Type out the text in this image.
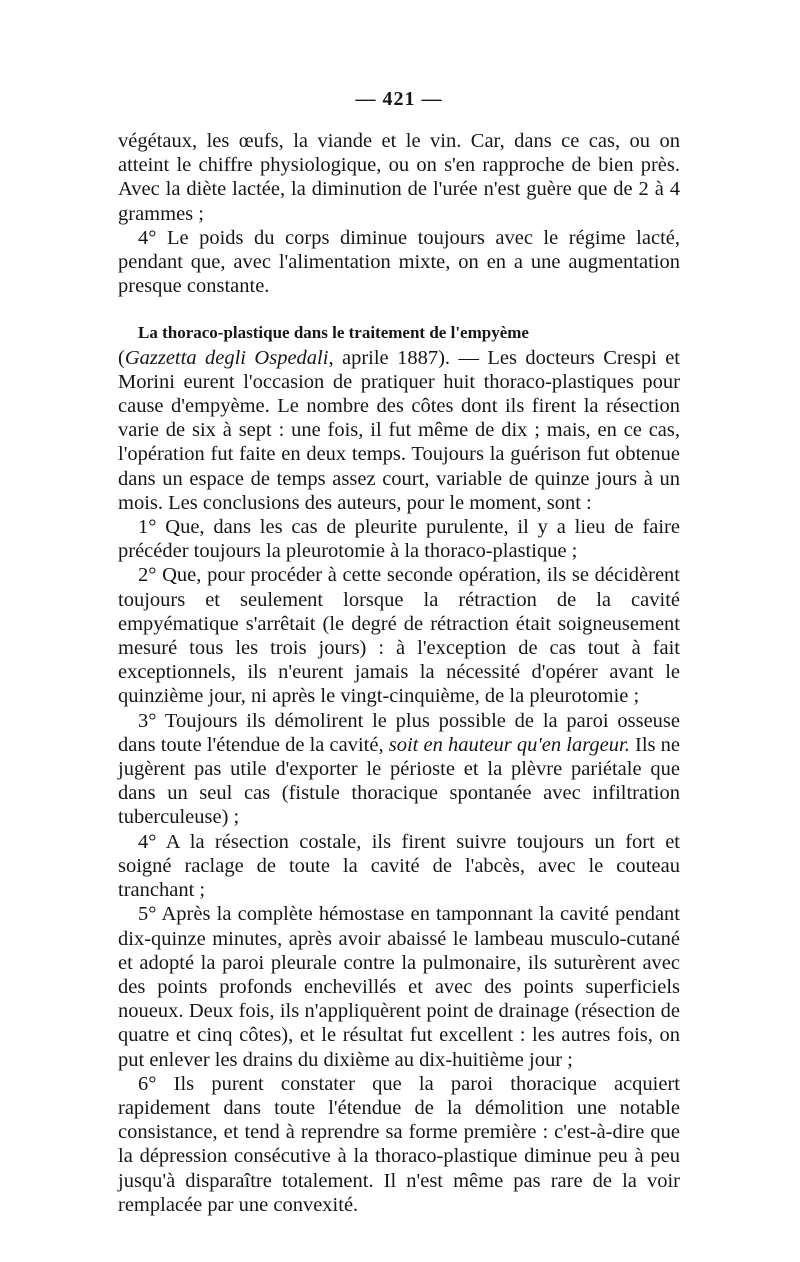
— 421 —

végétaux, les œufs, la viande et le vin. Car, dans ce cas, ou on atteint le chiffre physiologique, ou on s'en rapproche de bien près. Avec la diète lactée, la diminution de l'urée n'est guère que de 2 à 4 grammes ;

4° Le poids du corps diminue toujours avec le régime lacté, pendant que, avec l'alimentation mixte, on en a une augmentation presque constante.

La thoraco-plastique dans le traitement de l'empyème
(Gazzetta degli Ospedali, aprile 1887). — Les docteurs Crespi et Morini eurent l'occasion de pratiquer huit thoraco-plastiques pour cause d'empyème. Le nombre des côtes dont ils firent la résection varie de six à sept : une fois, il fut même de dix ; mais, en ce cas, l'opération fut faite en deux temps. Toujours la guérison fut obtenue dans un espace de temps assez court, variable de quinze jours à un mois. Les conclusions des auteurs, pour le moment, sont :

1° Que, dans les cas de pleurite purulente, il y a lieu de faire précéder toujours la pleurotomie à la thoraco-plastique ;

2° Que, pour procéder à cette seconde opération, ils se décidèrent toujours et seulement lorsque la rétraction de la cavité empyématique s'arrêtait (le degré de rétraction était soigneusement mesuré tous les trois jours) : à l'exception de cas tout à fait exceptionnels, ils n'eurent jamais la nécessité d'opérer avant le quinzième jour, ni après le vingt-cinquième, de la pleurotomie ;

3° Toujours ils démolirent le plus possible de la paroi osseuse dans toute l'étendue de la cavité, soit en hauteur qu'en largeur. Ils ne jugèrent pas utile d'exporter le périoste et la plèvre pariétale que dans un seul cas (fistule thoracique spontanée avec infiltration tuberculeuse) ;

4° A la résection costale, ils firent suivre toujours un fort et soigné raclage de toute la cavité de l'abcès, avec le couteau tranchant ;

5° Après la complète hémostase en tamponnant la cavité pendant dix-quinze minutes, après avoir abaissé le lambeau musculo-cutané et adopté la paroi pleurale contre la pulmonaire, ils suturèrent avec des points profonds enchevillés et avec des points superficiels noueux. Deux fois, ils n'appliquèrent point de drainage (résection de quatre et cinq côtes), et le résultat fut excellent : les autres fois, on put enlever les drains du dixième au dix-huitième jour ;

6° Ils purent constater que la paroi thoracique acquiert rapidement dans toute l'étendue de la démolition une notable consistance, et tend à reprendre sa forme première : c'est-à-dire que la dépression consécutive à la thoraco-plastique diminue peu à peu jusqu'à disparaître totalement. Il n'est même pas rare de la voir remplacée par une convexité.
